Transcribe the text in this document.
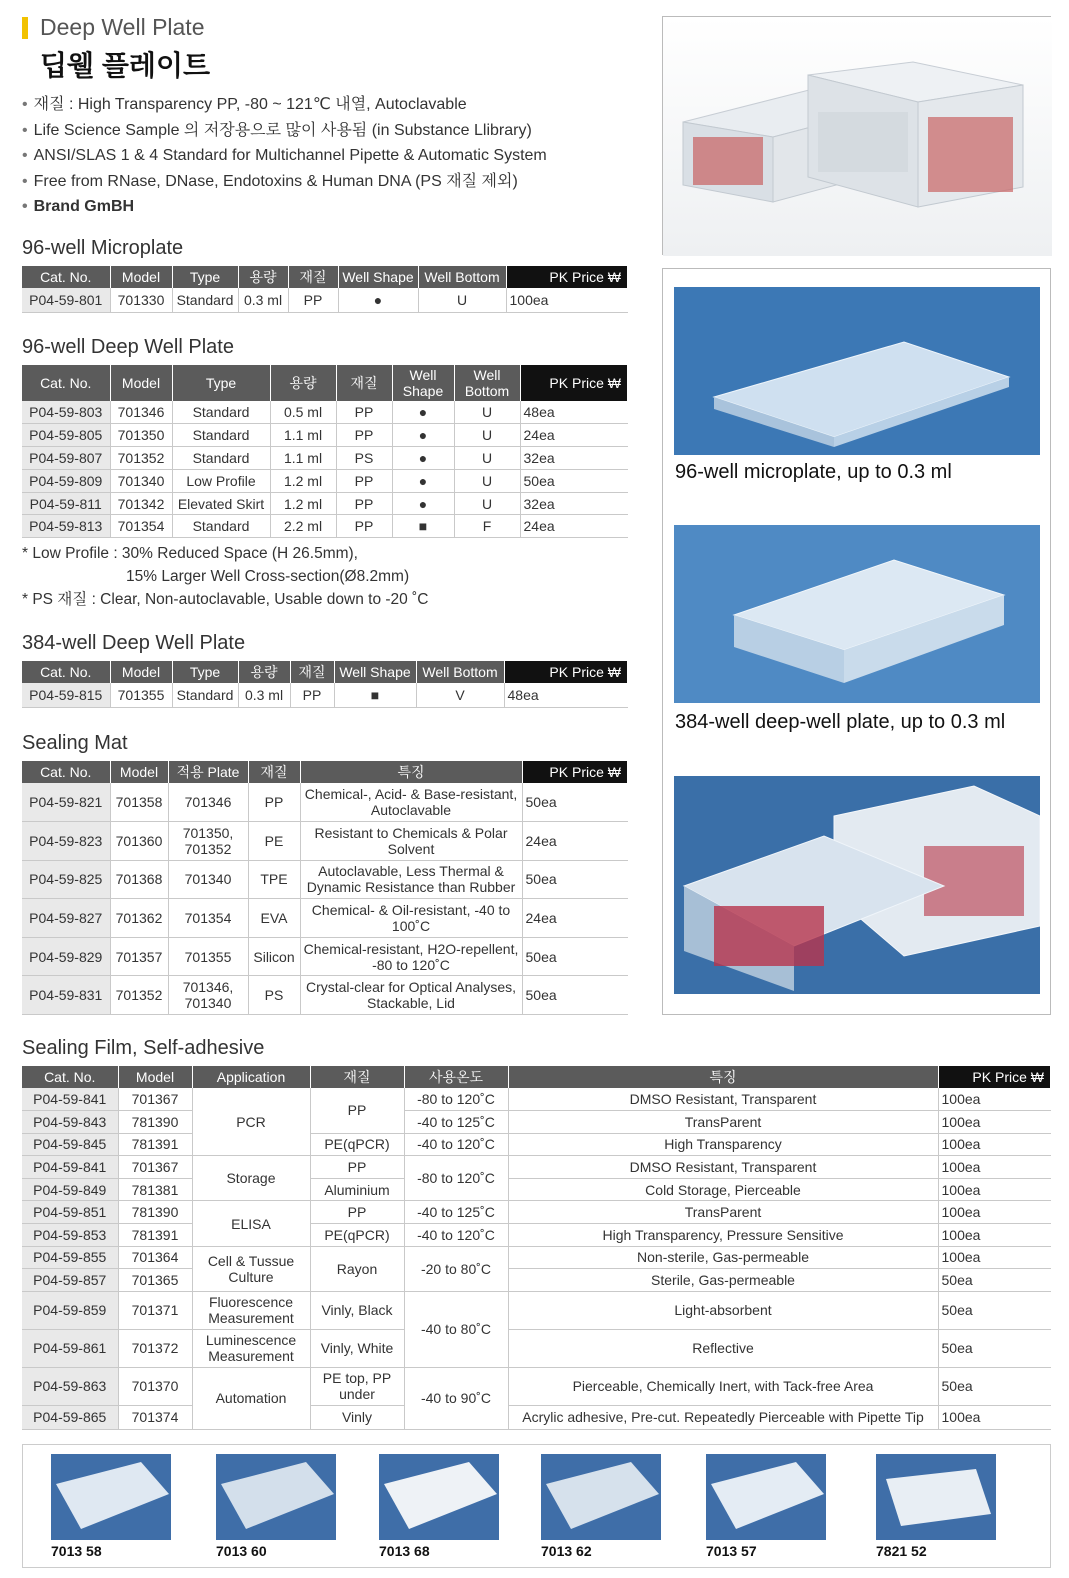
Deep Well Plate
딥웰 플레이트
• 재질 : High Transparency PP, -80 ~ 121℃ 내열, Autoclavable
• Life Science Sample 의 저장용으로 많이 사용됨 (in Substance Llibrary)
• ANSI/SLAS 1 & 4 Standard for Multichannel Pipette & Automatic System
• Free from RNase, DNase, Endotoxins & Human DNA (PS 재질 제외)
• Brand GmBH
96-well Microplate
Cat. No.	Model	Type	용량	재질	Well Shape	Well Bottom	PK Price ₩
P04-59-801	701330	Standard	0.3 ml	PP	●	U	100ea
96-well Deep Well Plate
Cat. No.	Model	Type	용량	재질	Well Shape	Well Bottom	PK Price ₩
P04-59-803	701346	Standard	0.5 ml	PP	●	U	48ea
P04-59-805	701350	Standard	1.1 ml	PP	●	U	24ea
P04-59-807	701352	Standard	1.1 ml	PS	●	U	32ea
P04-59-809	701340	Low Profile	1.2 ml	PP	●	U	50ea
P04-59-811	701342	Elevated Skirt	1.2 ml	PP	●	U	32ea
P04-59-813	701354	Standard	2.2 ml	PP	■	F	24ea
* Low Profile : 30% Reduced Space (H 26.5mm),
15% Larger Well Cross-section(Ø8.2mm)
* PS 재질 : Clear, Non-autoclavable, Usable down to -20 ˚C
384-well Deep Well Plate
Cat. No.	Model	Type	용량	재질	Well Shape	Well Bottom	PK Price ₩
P04-59-815	701355	Standard	0.3 ml	PP	■	V	48ea
Sealing Mat
Cat. No.	Model	적용 Plate	재질	특징	PK Price ₩
P04-59-821	701358	701346	PP	Chemical-, Acid- & Base-resistant, Autoclavable	50ea
P04-59-823	701360	701350, 701352	PE	Resistant to Chemicals & Polar Solvent	24ea
P04-59-825	701368	701340	TPE	Autoclavable, Less Thermal & Dynamic Resistance than Rubber	50ea
P04-59-827	701362	701354	EVA	Chemical- & Oil-resistant, -40 to 100˚C	24ea
P04-59-829	701357	701355	Silicon	Chemical-resistant, H2O-repellent, -80 to 120˚C	50ea
P04-59-831	701352	701346, 701340	PS	Crystal-clear for Optical Analyses, Stackable, Lid	50ea
Sealing Film, Self-adhesive
Cat. No.	Model	Application	재질	사용온도	특징	PK Price ₩
P04-59-841	701367	PCR	PP	-80 to 120˚C	DMSO Resistant, Transparent	100ea
P04-59-843	781390			-40 to 125˚C	TransParent	100ea
P04-59-845	781391		PE(qPCR)	-40 to 120˚C	High Transparency	100ea
P04-59-841	701367	Storage	PP	-80 to 120˚C	DMSO Resistant, Transparent	100ea
P04-59-849	781381		Aluminium		Cold Storage, Pierceable	100ea
P04-59-851	781390	ELISA	PP	-40 to 125˚C	TransParent	100ea
P04-59-853	781391		PE(qPCR)	-40 to 120˚C	High Transparency, Pressure Sensitive	100ea
P04-59-855	701364	Cell & Tussue Culture	Rayon	-20 to 80˚C	Non-sterile, Gas-permeable	100ea
P04-59-857	701365				Sterile, Gas-permeable	50ea
P04-59-859	701371	Fluorescence Measurement	Vinly, Black	-40 to 80˚C	Light-absorbent	50ea
P04-59-861	701372	Luminescence Measurement	Vinly, White		Reflective	50ea
P04-59-863	701370	Automation	PE top, PP under	-40 to 90˚C	Pierceable, Chemically Inert, with Tack-free Area	50ea
P04-59-865	701374		Vinly		Acrylic adhesive, Pre-cut. Repeatedly Pierceable with Pipette Tip	100ea
96-well microplate, up to 0.3 ml
384-well deep-well plate, up to 0.3 ml
7013 58	7013 60	7013 68	7013 62	7013 57	7821 52
